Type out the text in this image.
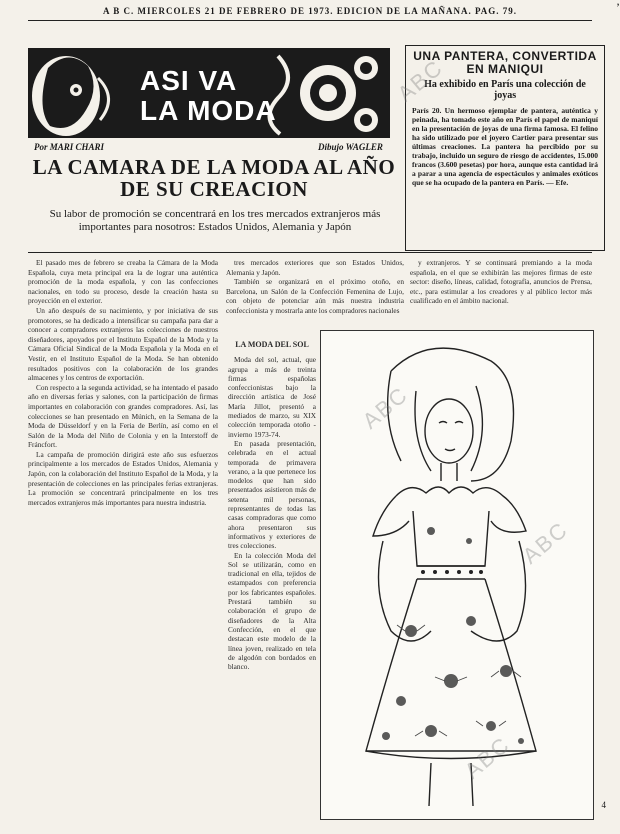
A B C. MIERCOLES 21 DE FEBRERO DE 1973. EDICION DE LA MAÑANA. PAG. 79.	’
ASI VA
LA MODA
Por MARI CHARI	Dibujo WAGLER
LA CAMARA DE LA MODA AL AÑO DE SU CREACION
Su labor de promoción se concentrará en los tres mercados extranjeros más importantes para nosotros: Estados Unidos, Alemania y Japón
UNA PANTERA, CONVERTIDA EN MANIQUI
Ha exhibido en París una colección de joyas
París 20. Un hermoso ejemplar de pantera, auténtica y peinada, ha tomado este año en París el papel de maniquí en la presentación de joyas de una firma famosa. El felino ha sido utilizado por el joyero Cartier para presentar sus últimas creaciones. La pantera ha percibido por su trabajo, incluido un seguro de riesgo de accidentes, 15.000 francos (3.600 pesetas) por hora, aunque esta cantidad irá a parar a una agencia de espectáculos y animales exóticos que se ha ocupado de la pantera en París. — Efe.

El pasado mes de febrero se creaba la Cámara de la Moda Española, cuya meta principal era la de lograr una auténtica promoción de la moda española, y con las confecciones nacionales, en todo su proceso, desde la creación hasta su proyección en el exterior.

Un año después de su nacimiento, y por iniciativa de sus promotores, se ha dedicado a intensificar su campaña para dar a conocer a compradores extranjeros las colecciones de nuestros diseñadores, apoyados por el Instituto Español de la Moda y la Cámara Oficial Sindical de la Moda Española y la Moda en el Vestir, en el Instituto Español de la Moda. Se han obtenido resultados positivos con la colaboración de los grandes almacenes y los centros de exportación.

Con respecto a la segunda actividad, se ha intentado el pasado año en diversas ferias y salones, con la participación de firmas importantes en colaboración con grandes compradores. Así, las colecciones se han presentado en Múnich, en la Semana de la Moda de Düsseldorf y en la Feria de Berlín, así como en el Salón de la Moda del Niño de Colonia y en la Interstoff de Fráncfort.

La campaña de promoción dirigirá este año sus esfuerzos principalmente a los mercados de Estados Unidos, Alemania y Japón, con la colaboración del Instituto Español de la Moda, y la presentación de colecciones en las principales ferias extranjeras. La promoción se concentrará principalmente en los tres mercados extranjeros más importantes para nuestra industria.

tres mercados exteriores que son Estados Unidos, Alemania y Japón.

También se organizará en el próximo otoño, en Barcelona, un Salón de la Confección Femenina de Lujo, con objeto de potenciar aún más nuestra industria confeccionista y mostrarla ante los compradores nacionales

y extranjeros. Y se continuará premiando a la moda española, en el que se exhibirán las mejores firmas de este sector: diseño, líneas, calidad, fotografía, anuncios de Prensa, etc., para estimular a los creadores y al público lector más cualificado en el ámbito nacional.

LA MODA DEL SOL

Moda del sol, actual, que agrupa a más de treinta firmas españolas confeccionistas bajo la dirección artística de José María Jillot, presentó a mediados de marzo, su XIX colección temporada otoño - invierno 1973-74.

En pasada presentación, celebrada en el actual temporada de primavera verano, a la que pertenece los modelos que han sido presentados asistieron más de setenta mil personas, representantes de todas las casas compradoras que como ahora presentaron sus informativos y exteriores de tres colecciones.

En la colección Moda del Sol se utilizarán, como en tradicional en ella, tejidos de estampados con preferencia por los fabricantes españoles. Prestará también su colaboración el grupo de diseñadores de la Alta Confección, en el que destacan este modelo de la línea joven, realizado en tela de algodón con bordados en blanco.

ABC
ABC
ABC
ABC
4
